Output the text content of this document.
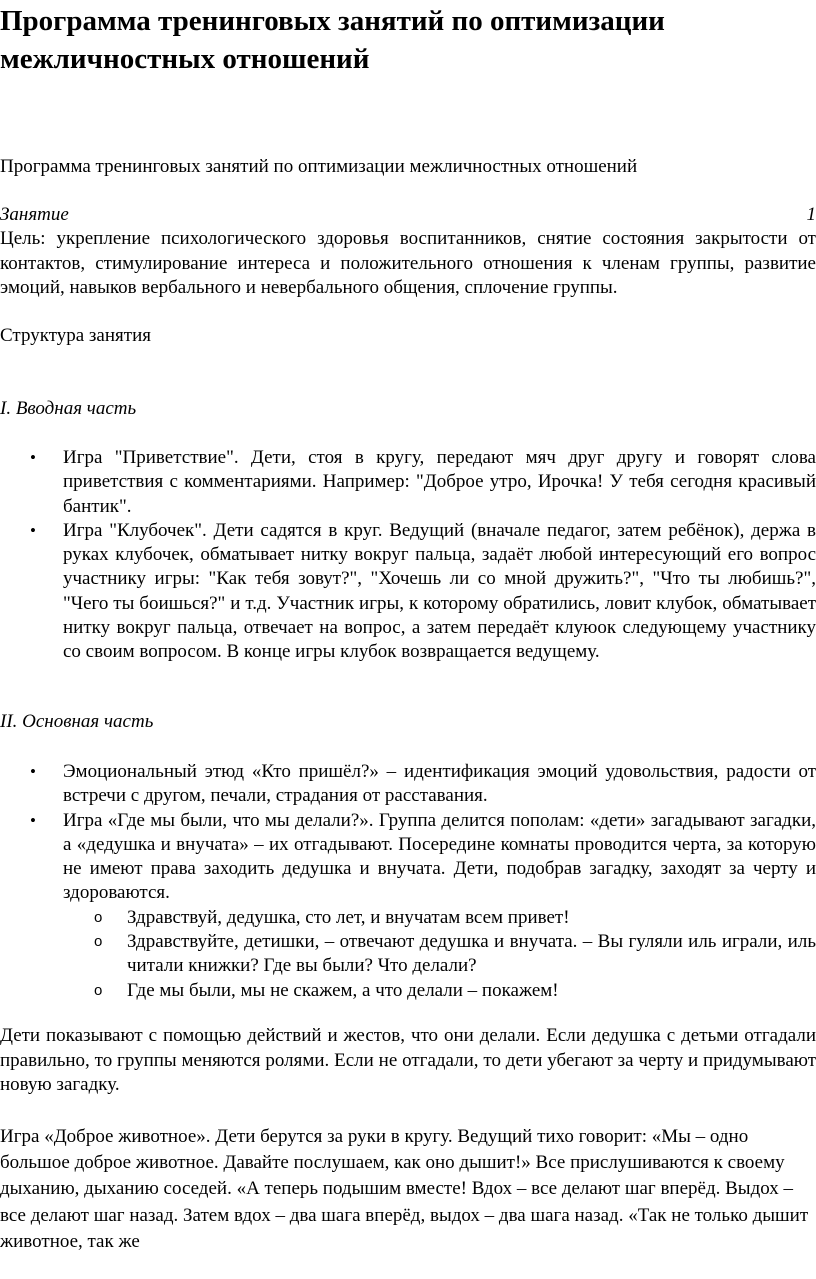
Программа тренинговых занятий по оптимизации межличностных отношений
Программа тренинговых занятий по оптимизации межличностных отношений
Занятие	1
Цель: укрепление психологического здоровья воспитанников, снятие состояния закрытости от контактов, стимулирование интереса и положительного отношения к членам группы, развитие эмоций, навыков вербального и невербального общения, сплочение группы.
Структура занятия
I. Вводная часть
• Игра "Приветствие". Дети, стоя в кругу, передают мяч друг другу и говорят слова приветствия с комментариями. Например: "Доброе утро, Ирочка! У тебя сегодня красивый бантик".
• Игра "Клубочек". Дети садятся в круг. Ведущий (вначале педагог, затем ребёнок), держа в руках клубочек, обматывает нитку вокруг пальца, задаёт любой интересующий его вопрос участнику игры: "Как тебя зовут?", "Хочешь ли со мной дружить?", "Что ты любишь?", "Чего ты боишься?" и т.д. Участник игры, к которому обратились, ловит клубок, обматывает нитку вокруг пальца, отвечает на вопрос, а затем передаёт клуюок следующему участнику со своим вопросом. В конце игры клубок возвращается ведущему.
II. Основная часть
• Эмоциональный этюд «Кто пришёл?» – идентификация эмоций удовольствия, радости от встречи с другом, печали, страдания от расставания.
• Игра «Где мы были, что мы делали?». Группа делится пополам: «дети» загадывают загадки, а «дедушка и внучата» – их отгадывают. Посередине комнаты проводится черта, за которую не имеют права заходить дедушка и внучата. Дети, подобрав загадку, заходят за черту и здороваются.
o Здравствуй, дедушка, сто лет, и внучатам всем привет!
o Здравствуйте, детишки, – отвечают дедушка и внучата. – Вы гуляли иль играли, иль читали книжки? Где вы были? Что делали?
o Где мы были, мы не скажем, а что делали – покажем!
Дети показывают с помощью действий и жестов, что они делали. Если дедушка с детьми отгадали правильно, то группы меняются ролями. Если не отгадали, то дети убегают за черту и придумывают новую загадку.
Игра «Доброе животное». Дети берутся за руки в кругу. Ведущий тихо говорит: «Мы – одно большое доброе животное. Давайте послушаем, как оно дышит!» Все прислушиваются к своему дыханию, дыханию соседей. «А теперь подышим вместе! Вдох – все делают шаг вперёд. Выдох – все делают шаг назад. Затем вдох – два шага вперёд, выдох – два шага назад. «Так не только дышит животное, так же
